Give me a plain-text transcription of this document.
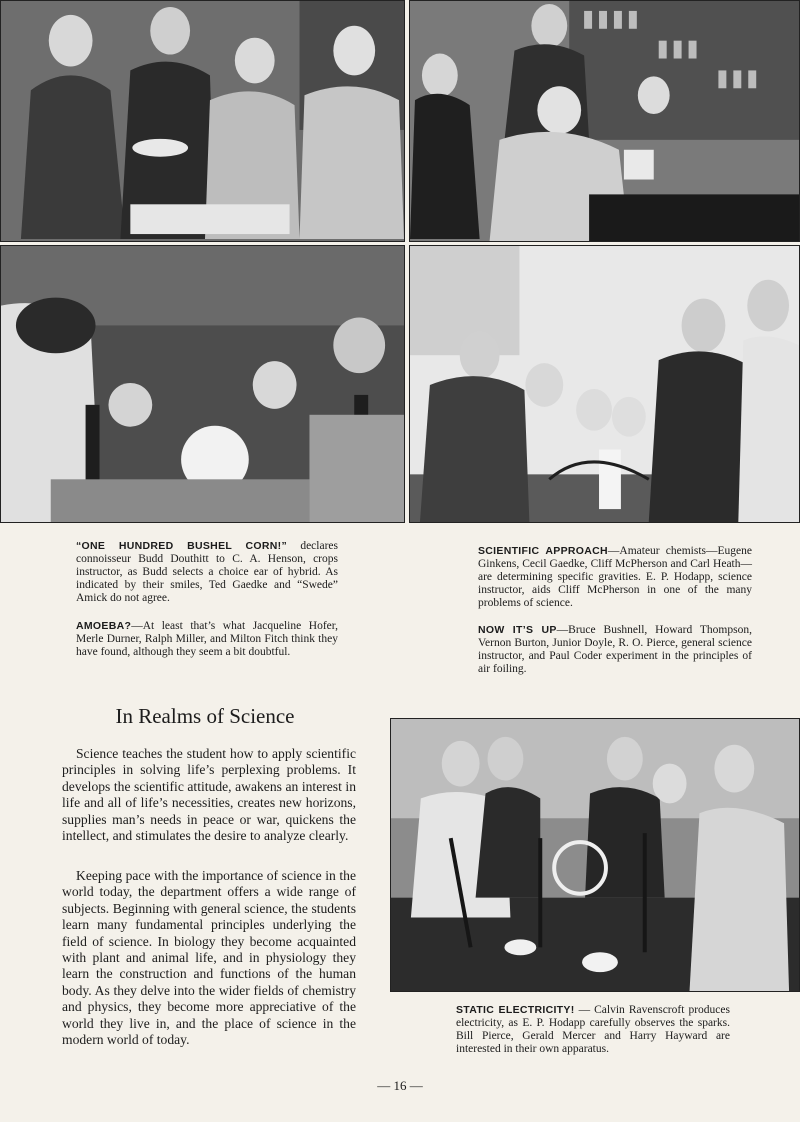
“ONE HUNDRED BUSHEL CORN!” declares connoisseur Budd Douthitt to C. A. Henson, crops instructor, as Budd selects a choice ear of hybrid. As indicated by their smiles, Ted Gaedke and “Swede” Amick do not agree.
AMOEBA?—At least that’s what Jacqueline Hofer, Merle Durner, Ralph Miller, and Milton Fitch think they have found, although they seem a bit doubtful.
SCIENTIFIC APPROACH—Amateur chemists—Eugene Ginkens, Cecil Gaedke, Cliff McPherson and Carl Heath—are determining specific gravities. E. P. Hodapp, science instructor, aids Cliff McPherson in one of the many problems of science.
NOW IT’S UP—Bruce Bushnell, Howard Thompson, Vernon Burton, Junior Doyle, R. O. Pierce, general science instructor, and Paul Coder experiment in the principles of air foiling.
STATIC ELECTRICITY! — Calvin Ravenscroft produces electricity, as E. P. Hodapp carefully observes the sparks. Bill Pierce, Gerald Mercer and Harry Hayward are interested in their own apparatus.
In Realms of Science

Science teaches the student how to apply scientific principles in solving life’s perplexing problems. It develops the scientific attitude, awakens an interest in life and all of life’s necessities, creates new horizons, supplies man’s needs in peace or war, quickens the intellect, and stimulates the desire to analyze clearly.

Keeping pace with the importance of science in the world today, the department offers a wide range of subjects. Beginning with general science, the students learn many fundamental principles underlying the field of science. In biology they become acquainted with plant and animal life, and in physiology they learn the construction and functions of the human body. As they delve into the wider fields of chemistry and physics, they become more appreciative of the world they live in, and the place of science in the modern world of today.

— 16 —
